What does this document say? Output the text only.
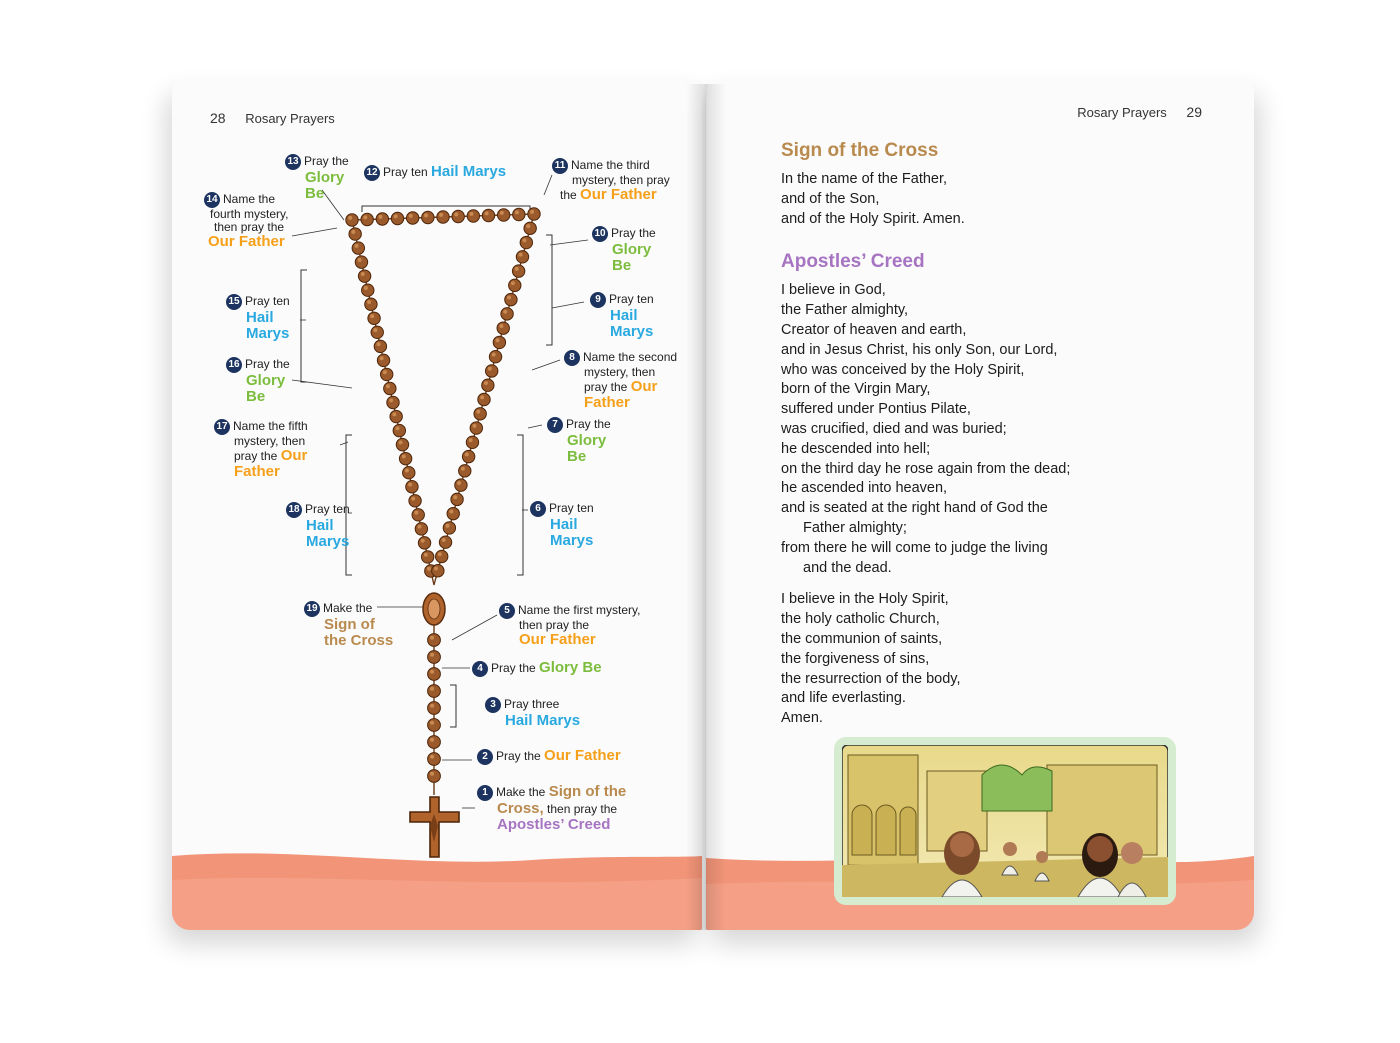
28 Rosary Prayers
1 Make the Sign of the
Cross, then pray the
Apostles’ Creed
2 Pray the Our Father
3 Pray three
Hail Marys
4 Pray the Glory Be
5 Name the first mystery,
then pray the
Our Father
6 Pray ten
Hail
Marys
7 Pray the
Glory
Be
8 Name the second
mystery, then
pray the Our
Father
9 Pray ten
Hail
Marys
10 Pray the
Glory
Be
11 Name the third
mystery, then pray
the Our Father
12 Pray ten Hail Marys
13 Pray the
Glory
Be
14 Name the
fourth mystery,
then pray the
Our Father
15 Pray ten
Hail
Marys
16 Pray the
Glory
Be
17 Name the fifth
mystery, then
pray the Our
Father
18 Pray ten
Hail
Marys
19 Make the
Sign of
the Cross
Rosary Prayers 29
Sign of the Cross
In the name of the Father,
and of the Son,
and of the Holy Spirit. Amen.
Apostles’ Creed
I believe in God,
the Father almighty,
Creator of heaven and earth,
and in Jesus Christ, his only Son, our Lord,
who was conceived by the Holy Spirit,
born of the Virgin Mary,
suffered under Pontius Pilate,
was crucified, died and was buried;
he descended into hell;
on the third day he rose again from the dead;
he ascended into heaven,
and is seated at the right hand of God the
Father almighty;
from there he will come to judge the living
and the dead.
I believe in the Holy Spirit,
the holy catholic Church,
the communion of saints,
the forgiveness of sins,
the resurrection of the body,
and life everlasting.
Amen.
